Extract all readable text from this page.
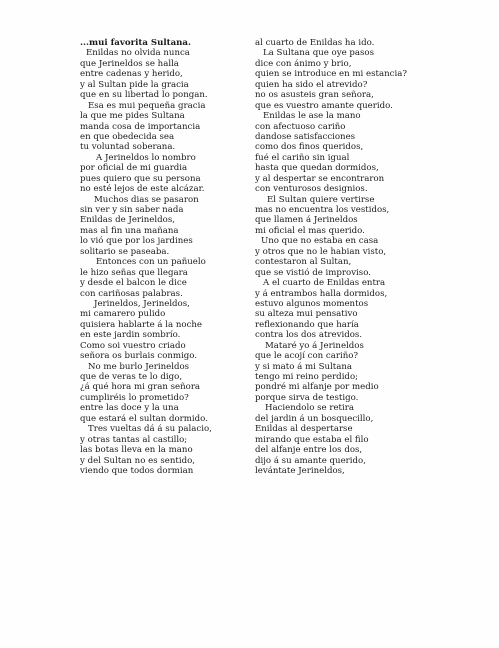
...mui favorita Sultana.
Enildas no olvida nunca
que Jerineldos se halla
entre cadenas y herido,
y al Sultan pide la gracia
que en su libertad lo pongan.
Esa es mui pequeña gracia
la que me pides Sultana
manda cosa de importancia
en que obedecida sea
tu voluntad soberana.
A Jerineldos lo nombro
por oficial de mi guardia
pues quiero que su persona
no esté lejos de este alcázar.
Muchos dias se pasaron
sin ver y sin saber nada
Enildas de Jerineldos,
mas al fin una mañana
lo vió que por los jardines
solitario se paseaba.
Entonces con un pañuelo
le hizo señas que llegara
y desde el balcon le dice
con cariñosas palabras.
Jerineldos, Jerineldos,
mi camarero pulido
quisiera hablarte á la noche
en este jardin sombrío.
Como soi vuestro criado
señora os burlais conmigo.
No me burlo Jerineldos
que de veras te lo digo,
¿á qué hora mi gran señora
cumpliréis lo prometido?
entre las doce y la una
que estará el sultan dormido.
Tres vueltas dá á su palacio,
y otras tantas al castillo;
las botas lleva en la mano
y del Sultan no es sentido,
viendo que todos dormian
al cuarto de Enildas ha ido.
La Sultana que oye pasos
dice con ánimo y brio,
quien se introduce en mi estancia?
quien ha sido el atrevido?
no os asusteis gran señora,
que es vuestro amante querido.
Enildas le ase la mano
con afectuoso cariño
dandose satisfacciones
como dos finos queridos,
fué el cariño sin igual
hasta que quedan dormidos,
y al despertar se encontraron
con venturosos designios.
El Sultan quiere vertirse
mas no encuentra los vestidos,
que llamen á Jerineldos
mi oficial el mas querido.
Uno que no estaba en casa
y otros que no le habian visto,
contestaron al Sultan,
que se vistió de improviso.
A el cuarto de Enildas entra
y á entrambos halla dormidos,
estuvo algunos momentos
su alteza mui pensativo
reflexionando que haría
contra los dos atrevidos.
Mataré yo á Jerineldos
que le acojí con cariño?
y si mato á mi Sultana
tengo mi reino perdido;
pondré mi alfanje por medio
porque sirva de testigo.
Haciendolo se retira
del jardin á un bosquecillo,
Enildas al despertarse
mirando que estaba el filo
del alfanje entre los dos,
dijo á su amante querido,
levántate Jerineldos,
